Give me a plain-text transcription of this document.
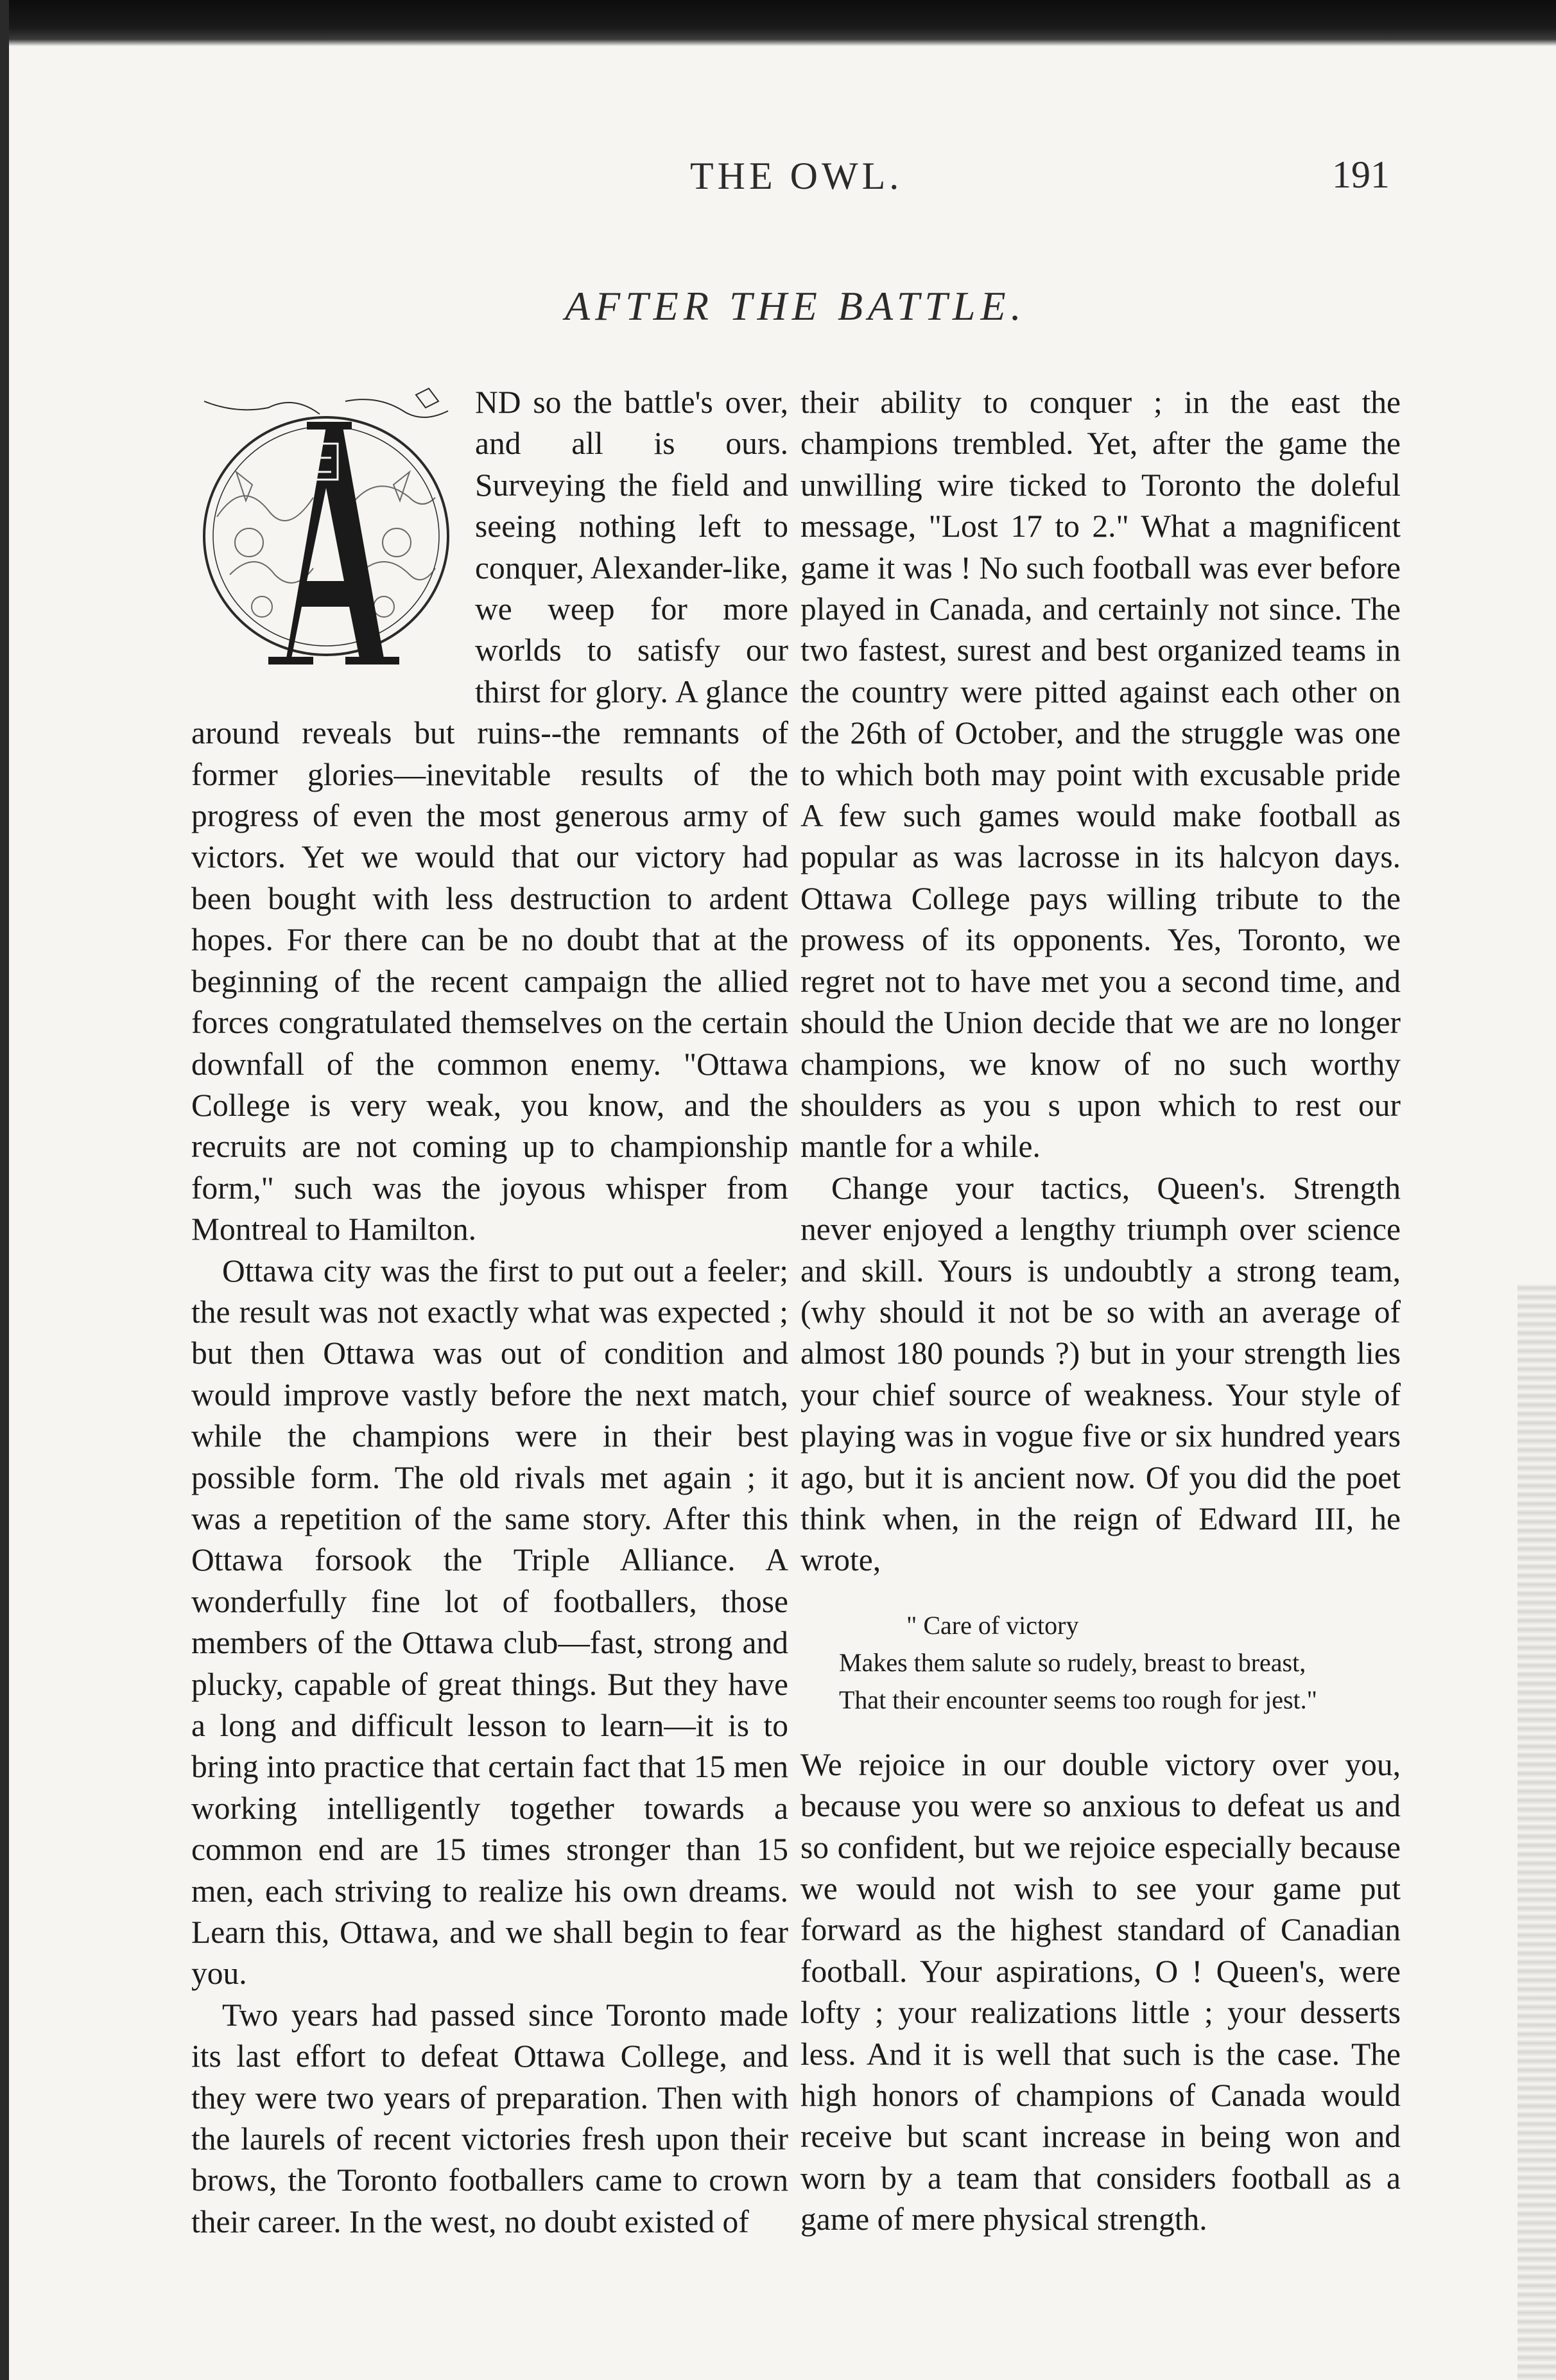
THE OWL.	191
AFTER THE BATTLE.

ND so the battle's over, and all is ours. Surveying the field and seeing nothing left to conquer, Alexander-like, we weep for more worlds to satisfy our thirst for glory. A glance around reveals but ruins--the remnants of former glories—inevitable results of the progress of even the most generous army of victors. Yet we would that our victory had been bought with less destruction to ardent hopes. For there can be no doubt that at the beginning of the recent campaign the allied forces congratulated themselves on the certain downfall of the common enemy. "Ottawa College is very weak, you know, and the recruits are not coming up to championship form," such was the joyous whisper from Montreal to Hamilton.

Ottawa city was the first to put out a feeler; the result was not exactly what was expected ; but then Ottawa was out of condition and would improve vastly before the next match, while the champions were in their best possible form. The old rivals met again ; it was a repetition of the same story. After this Ottawa forsook the Triple Alliance. A wonderfully fine lot of footballers, those members of the Ottawa club—fast, strong and plucky, capable of great things. But they have a long and difficult lesson to learn—it is to bring into practice that certain fact that 15 men working intelligently together towards a common end are 15 times stronger than 15 men, each striving to realize his own dreams. Learn this, Ottawa, and we shall begin to fear you.

Two years had passed since Toronto made its last effort to defeat Ottawa College, and they were two years of preparation. Then with the laurels of recent victories fresh upon their brows, the Toronto footballers came to crown their career. In the west, no doubt existed of

their ability to conquer ; in the east the champions trembled. Yet, after the game the unwilling wire ticked to Toronto the doleful message, "Lost 17 to 2." What a magnificent game it was ! No such football was ever before played in Canada, and certainly not since. The two fastest, surest and best organized teams in the country were pitted against each other on the 26th of October, and the struggle was one to which both may point with excusable pride A few such games would make football as popular as was lacrosse in its halcyon days. Ottawa College pays willing tribute to the prowess of its opponents. Yes, Toronto, we regret not to have met you a second time, and should the Union decide that we are no longer champions, we know of no such worthy shoulders as you s upon which to rest our mantle for a while.

Change your tactics, Queen's. Strength never enjoyed a lengthy triumph over science and skill. Yours is undoubtly a strong team, (why should it not be so with an average of almost 180 pounds ?) but in your strength lies your chief source of weakness. Your style of playing was in vogue five or six hundred years ago, but it is ancient now. Of you did the poet think when, in the reign of Edward III, he wrote,

" Care of victory
Makes them salute so rudely, breast to breast,
That their encounter seems too rough for jest."

We rejoice in our double victory over you, because you were so anxious to defeat us and so confident, but we rejoice especially because we would not wish to see your game put forward as the highest standard of Canadian football. Your aspirations, O ! Queen's, were lofty ; your realizations little ; your desserts less. And it is well that such is the case. The high honors of champions of Canada would receive but scant increase in being won and worn by a team that considers football as a game of mere physical strength.
